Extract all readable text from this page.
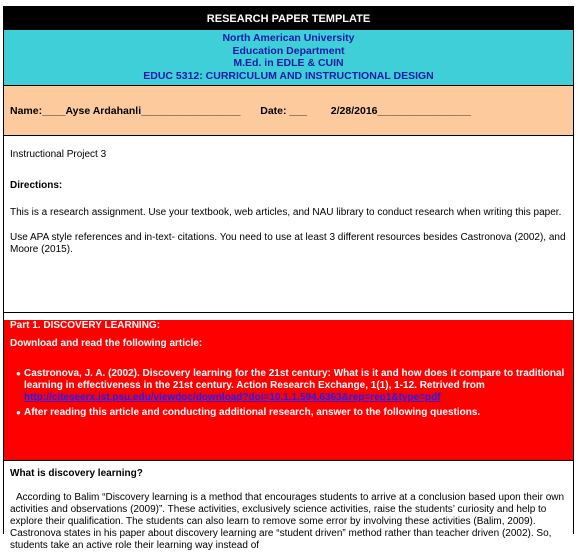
RESEARCH PAPER TEMPLATE
North American University
Education Department
M.Ed. in EDLE & CUIN
EDUC 5312: CURRICULUM AND INSTRUCTIONAL DESIGN
Name:____Ayse Ardahanli_________________ Date: ___ 2/28/2016________________

Instructional Project 3

Directions:

This is a research assignment. Use your textbook, web articles, and NAU library to conduct research when writing this paper.

Use APA style references and in-text- citations. You need to use at least 3 different resources besides Castronova (2002), and Moore (2015).

Part 1. DISCOVERY LEARNING:

Download and read the following article:

● Castronova, J. A. (2002). Discovery learning for the 21st century: What is it and how does it compare to traditional learning in effectiveness in the 21st century. Action Research Exchange, 1(1), 1-12. Retrived from
http://citeseerx.ist.psu.edu/viewdoc/download?doi=10.1.1.594.6363&rep=rep1&type=pdf
● After reading this article and conducting additional research, answer to the following questions.

What is discovery learning?

According to Balim “Discovery learning is a method that encourages students to arrive at a conclusion based upon their own activities and observations (2009)”. These activities, exclusively science activities, raise the students’ curiosity and help to explore their qualification. The students can also learn to remove some error by involving these activities (Balim, 2009). Castronova states in his paper about discovery learning are “student driven” method rather than teacher driven (2002). So, students take an active role their learning way instead of
